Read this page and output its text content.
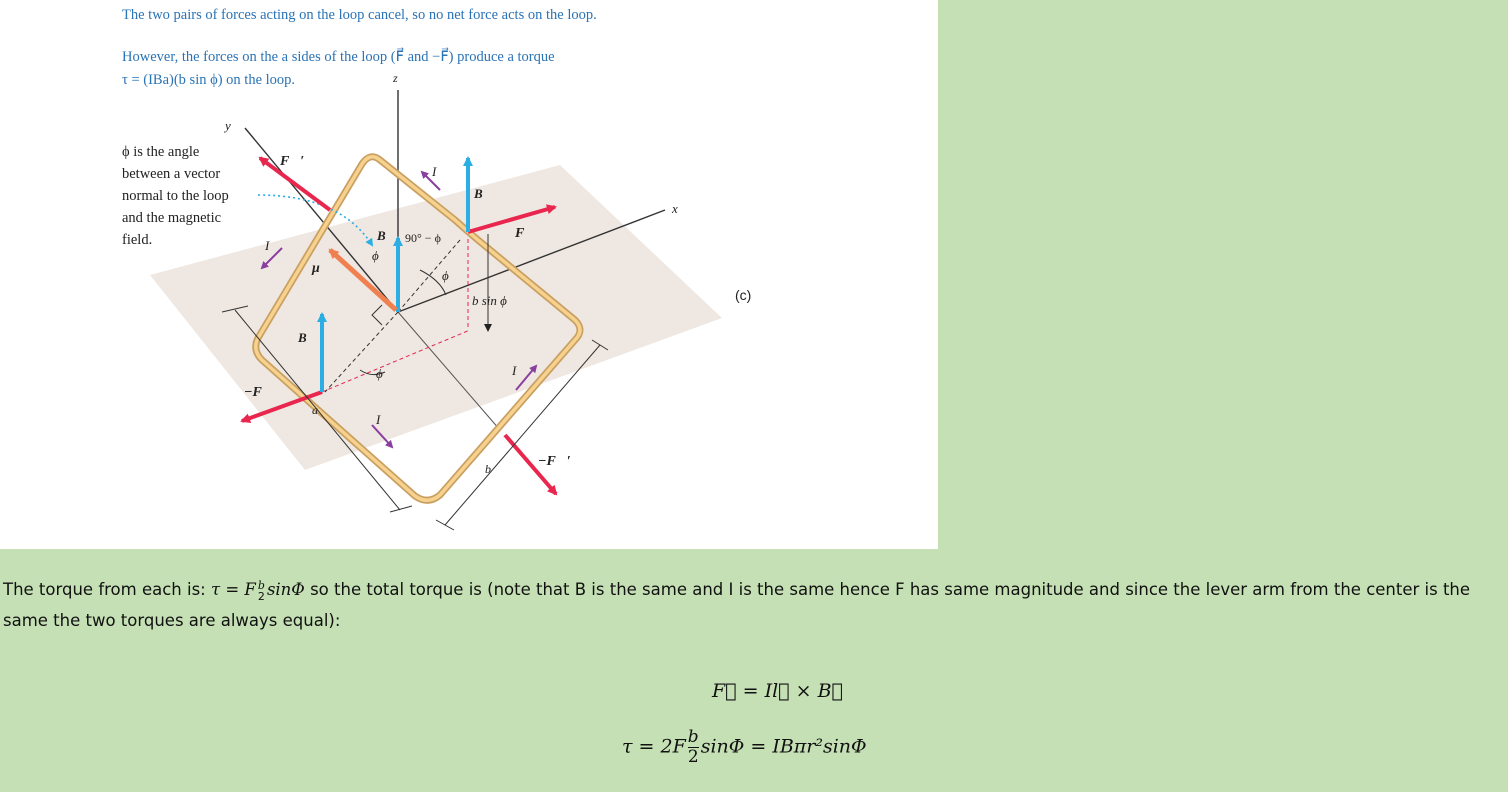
z
y
x
F⃗′
F⃗
−F⃗
−F⃗′
B⃗
B⃗
B⃗
μ⃗
I
I
I
I
ϕ
ϕ
ϕ
90° − ϕ
b sin ϕ
a
b
The two pairs of forces acting on the loop cancel, so no net force acts on the loop.
However, the forces on the a sides of the loop (F⃗ and −F⃗) produce a torque
τ = (IBa)(b sin ϕ) on the loop.
ϕ is the angle
between a vector
normal to the loop
and the magnetic
field.
(c)
The torque from each is: τ = F b
2 sinΦ so the total torque is (note that B is the same and I is the same hence F has same magnitude and since the lever arm from the center is the same the two torques are always equal):
F⃗ = Il⃗ × B⃗
$\tau = 2F \frac{b}{2}$ sinΦ = IBπr²sinΦ
